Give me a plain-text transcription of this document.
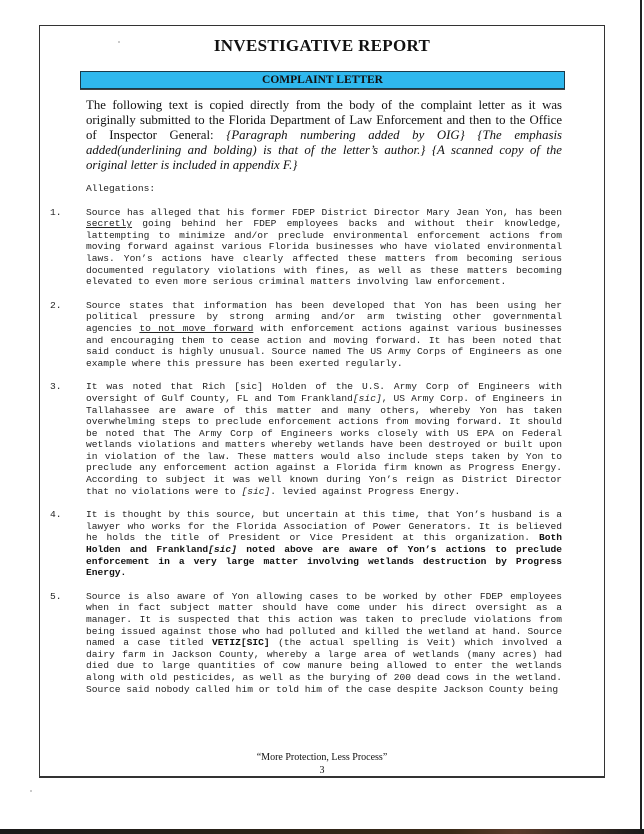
INVESTIGATIVE REPORT
COMPLAINT LETTER
The following text is copied directly from the body of the complaint letter as it was originally submitted to the Florida Department of Law Enforcement and then to the Office of Inspector General: {Paragraph numbering added by OIG} {The emphasis added(underlining and bolding) is that of the letter’s author.} {A scanned copy of the original letter is included in appendix F.}
Allegations:
1.	Source has alleged that his former FDEP District Director Mary Jean Yon, has been secretly going behind her FDEP employees backs and without their knowledge, lattempting to minimize and/or preclude environmental enforcement actions from moving forward against various Florida businesses who have violated environmental laws. Yon’s actions have clearly affected these matters from becoming serious documented regulatory violations with fines, as well as these matters becoming elevated to even more serious criminal matters involving law enforcement.
2.	Source states that information has been developed that Yon has been using her political pressure by strong arming and/or arm twisting other governmental agencies to not move forward with enforcement actions against various businesses and encouraging them to cease action and moving forward. It has been noted that said conduct is highly unusual. Source named The US Army Corps of Engineers as one example where this pressure has been exerted regularly.
3.	It was noted that Rich [sic] Holden of the U.S. Army Corp of Engineers with oversight of Gulf County, FL and Tom Frankland[sic], US Army Corp. of Engineers in Tallahassee are aware of this matter and many others, whereby Yon has taken overwhelming steps to preclude enforcement actions from moving forward. It should be noted that The Army Corp of Engineers works closely with US EPA on Federal wetlands violations and matters whereby wetlands have been destroyed or built upon in violation of the law. These matters would also include steps taken by Yon to preclude any enforcement action against a Florida firm known as Progress Energy. According to subject it was well known during Yon’s reign as District Director that no violations were to [sic]. levied against Progress Energy.
4.	It is thought by this source, but uncertain at this time, that Yon’s husband is a lawyer who works for the Florida Association of Power Generators. It is believed he holds the title of President or Vice President at this organization. Both Holden and Frankland[sic] noted above are aware of Yon’s actions to preclude enforcement in a very large matter involving wetlands destruction by Progress Energy.
5.	Source is also aware of Yon allowing cases to be worked by other FDEP employees when in fact subject matter should have come under his direct oversight as a manager. It is suspected that this action was taken to preclude violations from being issued against those who had polluted and killed the wetland at hand. Source named a case titled VETIZ[SIC] (the actual spelling is Veit) which involved a dairy farm in Jackson County, whereby a large area of wetlands (many acres) had died due to large quantities of cow manure being allowed to enter the wetlands along with old pesticides, as well as the burying of 200 dead cows in the wetland. Source said nobody called him or told him of the case despite Jackson County being
“More Protection, Less Process”
3
